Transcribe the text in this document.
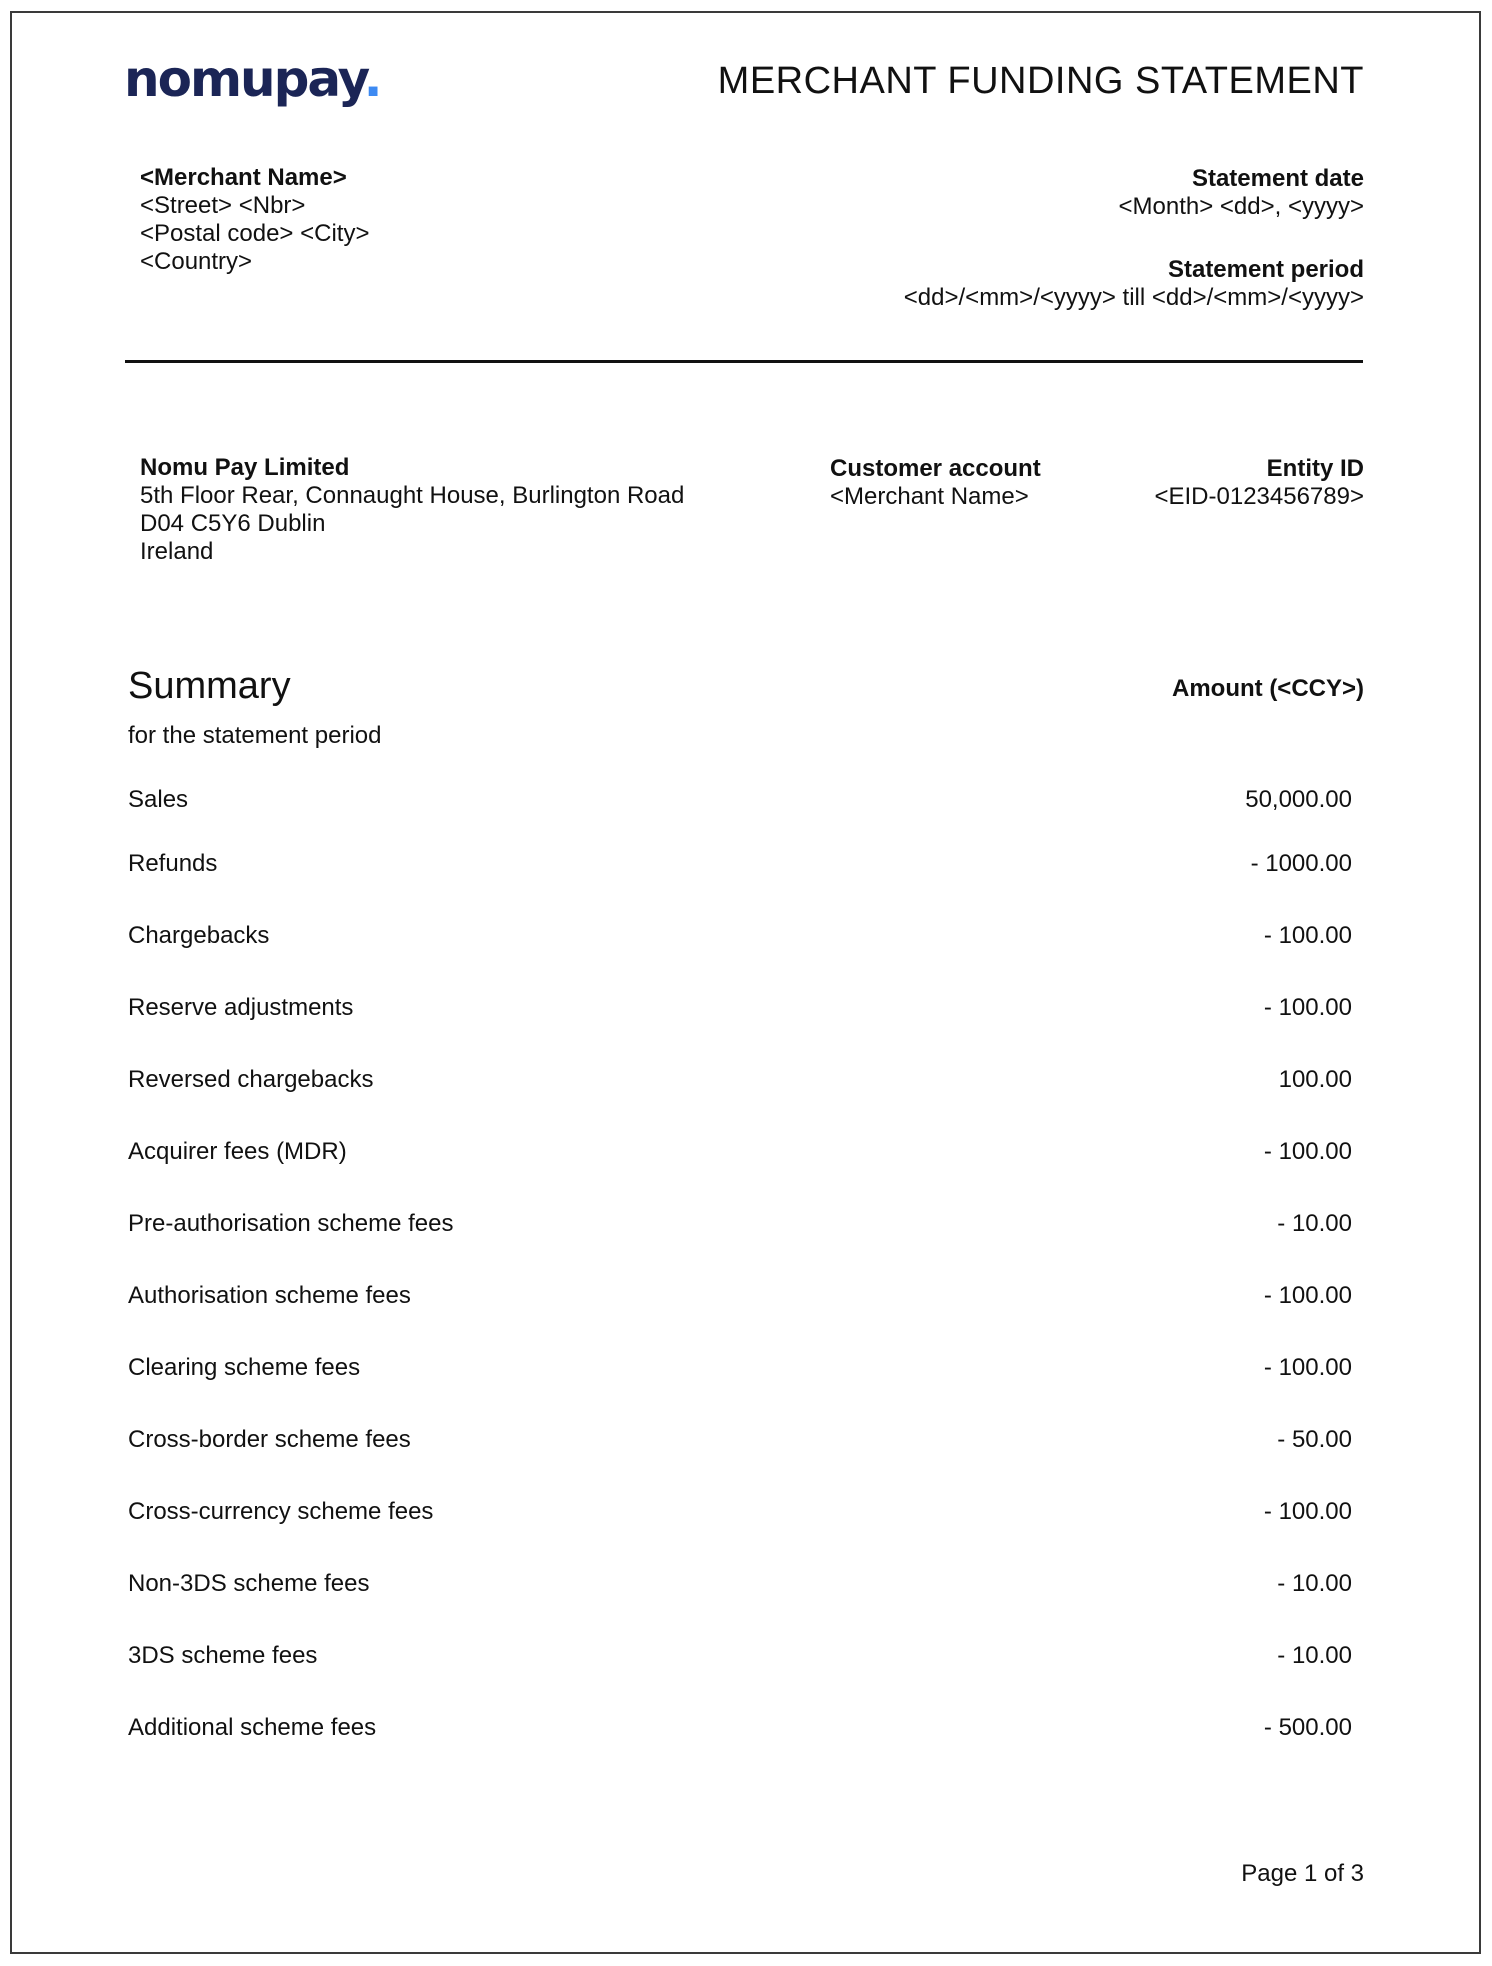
nomupay.	MERCHANT FUNDING STATEMENT
<Merchant Name>
<Street> <Nbr>
<Postal code> <City>
<Country>
Statement date
<Month> <dd>, <yyyy>
Statement period
<dd>/<mm>/<yyyy> till <dd>/<mm>/<yyyy>
Nomu Pay Limited
5th Floor Rear, Connaught House, Burlington Road
D04 C5Y6 Dublin
Ireland
Customer account
<Merchant Name>
Entity ID
<EID-0123456789>
Summary
for the statement period
Amount (<CCY>)
Sales	50,000.00
Refunds	- 1000.00
Chargebacks	- 100.00
Reserve adjustments	- 100.00
Reversed chargebacks	100.00
Acquirer fees (MDR)	- 100.00
Pre-authorisation scheme fees	- 10.00
Authorisation scheme fees	- 100.00
Clearing scheme fees	- 100.00
Cross-border scheme fees	- 50.00
Cross-currency scheme fees	- 100.00
Non-3DS scheme fees	- 10.00
3DS scheme fees	- 10.00
Additional scheme fees	- 500.00
Page 1 of 3
